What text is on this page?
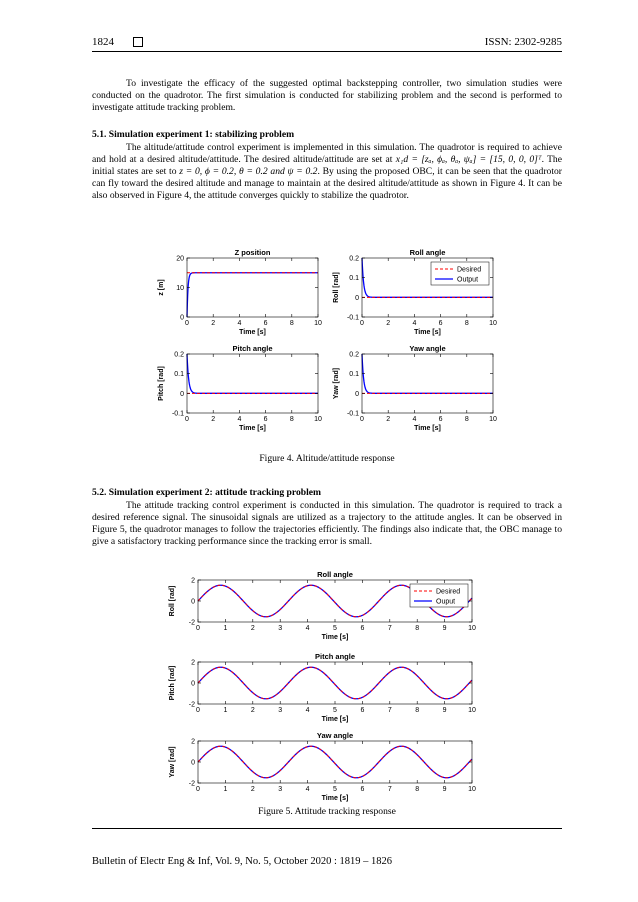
1824	ISSN: 2302-9285

To investigate the efficacy of the suggested optimal backstepping controller, two simulation studies were conducted on the quadrotor. The first simulation is conducted for stabilizing problem and the second is performed to investigate attitude tracking problem.

5.1. Simulation experiment 1: stabilizing problem

The altitude/attitude control experiment is implemented in this simulation. The quadrotor is required to achieve and hold at a desired altitude/attitude. The desired altitude/attitude are set at x₁d = [zₐ, ϕₐ, θₐ, ψₐ] = [15, 0, 0, 0]ᵀ. The initial states are set to z = 0, ϕ = 0.2, θ = 0.2 and ψ = 0.2. By using the proposed OBC, it can be seen that the quadrotor can fly toward the desired altitude and manage to maintain at the desired altitude/attitude as shown in Figure 4. It can be also observed in Figure 4, the attitude converges quickly to stabilize the quadrotor.

0	2	4	6	8	10
0
10
20
Z position
Time [s]
z [m]
0	2	4	6	8	10
-0.1
0
0.1
0.2
Roll angle
Time [s]
Roll [rad]
Desired
Output
0	2	4	6	8	10
-0.1
0
0.1
0.2
Pitch angle
Time [s]
Pitch [rad]
0	2	4	6	8	10
-0.1
0
0.1
0.2
Yaw angle
Time [s]
Yaw [rad]

Figure 4. Altitude/attitude response

5.2. Simulation experiment 2: attitude tracking problem

The attitude tracking control experiment is conducted in this simulation. The quadrotor is required to track a desired reference signal. The sinusoidal signals are utilized as a trajectory to the attitude angles. It can be observed in Figure 5, the quadrotor manages to follow the trajectories efficiently. The findings also indicate that, the OBC manage to give a satisfactory tracking performance since the tracking error is small.

0	1	2	3	4	5	6	7	8	9	10
-2
0
2
Roll angle
Time [s]
Roll [rad]	Desired
Ouput
0	1	2	3	4	5	6	7	8	9	10
-2
0
2
Pitch angle
Time [s]
Pitch [rad]
0	1	2	3	4	5	6	7	8	9	10
-2
0
2
Yaw angle
Time [s]
Yaw [rad]

Figure 5. Attitude tracking response

Bulletin of Electr Eng & Inf, Vol. 9, No. 5, October 2020 : 1819 – 1826
